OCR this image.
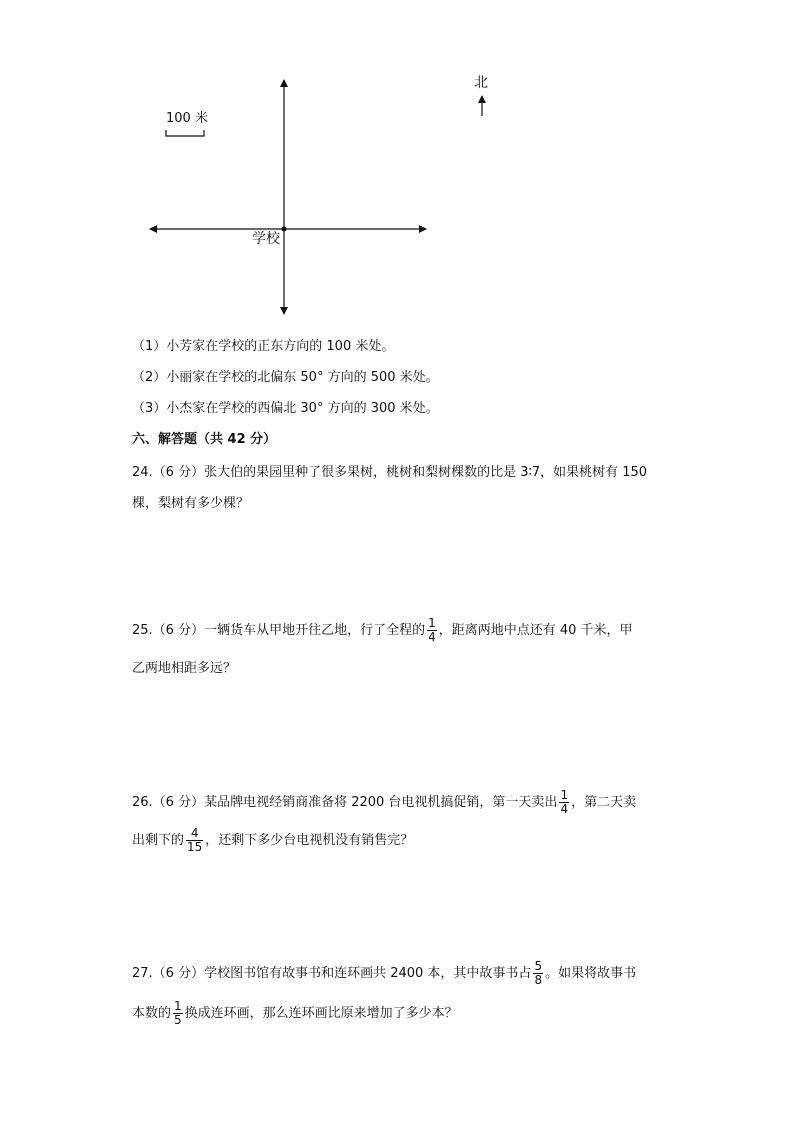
北
100 米
学校
（1）小芳家在学校的正东方向的 100 米处。
（2）小丽家在学校的北偏东 50° 方向的 500 米处。
（3）小杰家在学校的西偏北 30° 方向的 300 米处。
六、解答题（共 42 分）
24.（6 分）张大伯的果园里种了很多果树，桃树和梨树棵数的比是 3∶7，如果桃树有 150
棵，梨树有多少棵？
25.（6 分）一辆货车从甲地开往乙地，行了全程的 $\frac{1}{4}$ ，距离两地中点还有 40 千米，甲
乙两地相距多远？
26.（6 分）某品牌电视经销商准备将 2200 台电视机搞促销，第一天卖出 $\frac{1}{4}$ ，第二天卖
出剩下的 $\frac{4}{15}$ ，还剩下多少台电视机没有销售完？
27.（6 分）学校图书馆有故事书和连环画共 2400 本，其中故事书占 $\frac{5}{8}$ 。如果将故事书
本数的 $\frac{1}{5}$ 换成连环画，那么连环画比原来增加了多少本？
